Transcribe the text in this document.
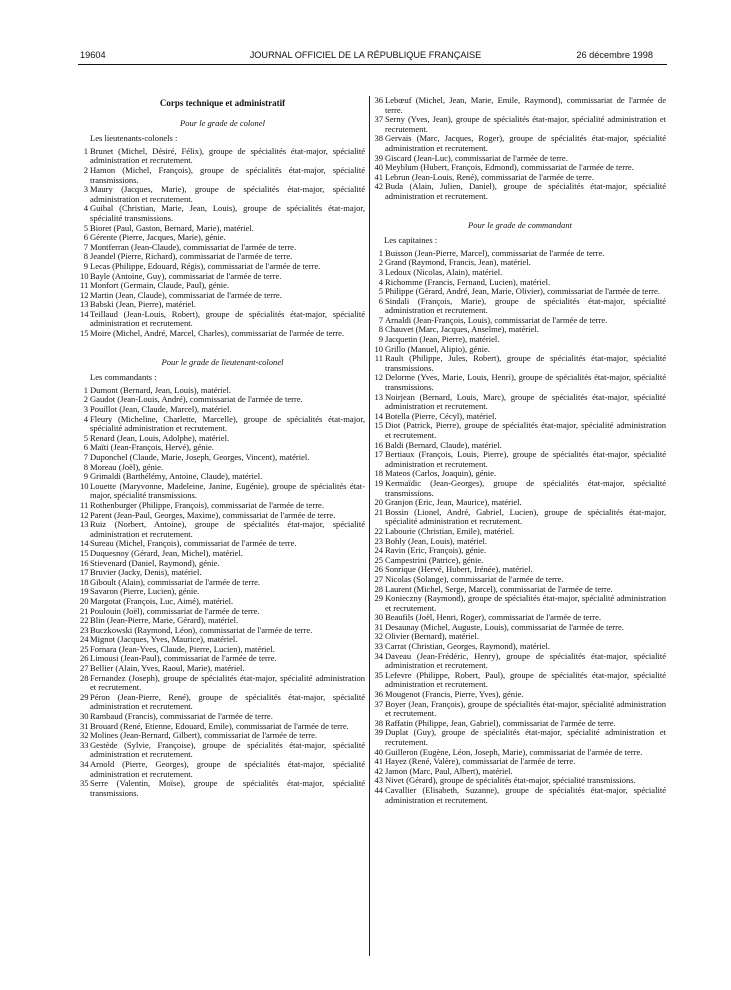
19604	JOURNAL OFFICIEL DE LA RÉPUBLIQUE FRANÇAISE	26 décembre 1998
Corps technique et administratif
Pour le grade de colonel
Les lieutenants-colonels :
1 Brunet (Michel, Désiré, Félix), groupe de spécialités état-major, spécialité administration et recrutement.
2 Hamon (Michel, François), groupe de spécialités état-major, spécialité transmissions.
3 Maury (Jacques, Marie), groupe de spécialités état-major, spécialité administration et recrutement.
4 Guibal (Christian, Marie, Jean, Louis), groupe de spécialités état-major, spécialité transmissions.
5 Bioret (Paul, Gaston, Bernard, Marie), matériel.
6 Gérente (Pierre, Jacques, Marie), génie.
7 Montferran (Jean-Claude), commissariat de l'armée de terre.
8 Jeandel (Pierre, Richard), commissariat de l'armée de terre.
9 Lecas (Philippe, Edouard, Régis), commissariat de l'armée de terre.
10 Bayle (Antoine, Guy), commissariat de l'armée de terre.
11 Monfort (Germain, Claude, Paul), génie.
12 Martin (Jean, Claude), commissariat de l'armée de terre.
13 Babski (Jean, Pierre), matériel.
14 Teillaud (Jean-Louis, Robert), groupe de spécialités état-major, spécialité administration et recrutement.
15 Moire (Michel, André, Marcel, Charles), commissariat de l'armée de terre.
Pour le grade de lieutenant-colonel
Les commandants :
1 Dumont (Bernard, Jean, Louis), matériel.
2 Gaudot (Jean-Louis, André), commissariat de l'armée de terre.
3 Pouillot (Jean, Claude, Marcel), matériel.
4 Fleury (Micheline, Charlette, Marcelle), groupe de spécialités état-major, spécialité administration et recrutement.
5 Renard (Jean, Louis, Adolphe), matériel.
6 Maïti (Jean-François, Hervé), génie.
7 Duponchel (Claude, Marie, Joseph, Georges, Vincent), matériel.
8 Moreau (Joël), génie.
9 Grimaldi (Barthélémy, Antoine, Claude), matériel.
10 Louette (Maryvonne, Madeleine, Janine, Eugénie), groupe de spécialités état-major, spécialité transmissions.
11 Rothenburger (Philippe, François), commissariat de l'armée de terre.
12 Parent (Jean-Paul, Georges, Maxime), commissariat de l'armée de terre.
13 Ruiz (Norbert, Antoine), groupe de spécialités état-major, spécialité administration et recrutement.
14 Sureau (Michel, François), commissariat de l'armée de terre.
15 Duquesnoy (Gérard, Jean, Michel), matériel.
16 Stievenard (Daniel, Raymond), génie.
17 Bruvier (Jacky, Denis), matériel.
18 Giboult (Alain), commissariat de l'armée de terre.
19 Savaron (Pierre, Lucien), génie.
20 Margotat (François, Luc, Aimé), matériel.
21 Poulouin (Joël), commissariat de l'armée de terre.
22 Blin (Jean-Pierre, Marie, Gérard), matériel.
23 Buczkowski (Raymond, Léon), commissariat de l'armée de terre.
24 Mignot (Jacques, Yves, Maurice), matériel.
25 Fornara (Jean-Yves, Claude, Pierre, Lucien), matériel.
26 Limousi (Jean-Paul), commissariat de l'armée de terre.
27 Bellier (Alain, Yves, Raoul, Marie), matériel.
28 Fernandez (Joseph), groupe de spécialités état-major, spécialité administration et recrutement.
29 Péron (Jean-Pierre, René), groupe de spécialités état-major, spécialité administration et recrutement.
30 Rambaud (Francis), commissariat de l'armée de terre.
31 Brouard (René, Etienne, Edouard, Emile), commissariat de l'armée de terre.
32 Molines (Jean-Bernard, Gilbert), commissariat de l'armée de terre.
33 Gestède (Sylvie, Françoise), groupe de spécialités état-major, spécialité administration et recrutement.
34 Arnold (Pierre, Georges), groupe de spécialités état-major, spécialité administration et recrutement.
35 Serre (Valentin, Moïse), groupe de spécialités état-major, spécialité transmissions.
36 Lebœuf (Michel, Jean, Marie, Emile, Raymond), commissariat de l'armée de terre.
37 Serny (Yves, Jean), groupe de spécialités état-major, spécialité administration et recrutement.
38 Gervais (Marc, Jacques, Roger), groupe de spécialités état-major, spécialité administration et recrutement.
39 Giscard (Jean-Luc), commissariat de l'armée de terre.
40 Meyblum (Hubert, François, Edmond), commissariat de l'armée de terre.
41 Lebrun (Jean-Louis, René), commissariat de l'armée de terre.
42 Buda (Alain, Julien, Daniel), groupe de spécialités état-major, spécialité administration et recrutement.
Pour le grade de commandant
Les capitaines :
1 Buisson (Jean-Pierre, Marcel), commissariat de l'armée de terre.
2 Grand (Raymond, Francis, Jean), matériel.
3 Ledoux (Nicolas, Alain), matériel.
4 Richomme (Francis, Fernand, Lucien), matériel.
5 Philippe (Gérard, André, Jean, Marie, Olivier), commissariat de l'armée de terre.
6 Sindali (François, Marie), groupe de spécialités état-major, spécialité administration et recrutement.
7 Arnaldi (Jean-François, Louis), commissariat de l'armée de terre.
8 Chauvet (Marc, Jacques, Anselme), matériel.
9 Jacquetin (Jean, Pierre), matériel.
10 Grillo (Manuel, Alipio), génie.
11 Rault (Philippe, Jules, Robert), groupe de spécialités état-major, spécialité transmissions.
12 Delorme (Yves, Marie, Louis, Henri), groupe de spécialités état-major, spécialité transmissions.
13 Noirjean (Bernard, Louis, Marc), groupe de spécialités état-major, spécialité administration et recrutement.
14 Botella (Pierre, Cécyl), matériel.
15 Diot (Patrick, Pierre), groupe de spécialités état-major, spécialité administration et recrutement.
16 Baldi (Bernard, Claude), matériel.
17 Bertiaux (François, Louis, Pierre), groupe de spécialités état-major, spécialité administration et recrutement.
18 Mateos (Carlos, Joaquin), génie.
19 Kermaïdic (Jean-Georges), groupe de spécialités état-major, spécialité transmissions.
20 Granjon (Eric, Jean, Maurice), matériel.
21 Bossin (Lionel, André, Gabriel, Lucien), groupe de spécialités état-major, spécialité administration et recrutement.
22 Labourie (Christian, Emile), matériel.
23 Bohly (Jean, Louis), matériel.
24 Ravin (Eric, François), génie.
25 Campestrini (Patrice), génie.
26 Sonrique (Hervé, Hubert, Irénée), matériel.
27 Nicolas (Solange), commissariat de l'armée de terre.
28 Laurent (Michel, Serge, Marcel), commissariat de l'armée de terre.
29 Konieczny (Raymond), groupe de spécialités état-major, spécialité administration et recrutement.
30 Beaufils (Joël, Henri, Roger), commissariat de l'armée de terre.
31 Desaunay (Michel, Auguste, Louis), commissariat de l'armée de terre.
32 Olivier (Bernard), matériel.
33 Carrat (Christian, Georges, Raymond), matériel.
34 Daveau (Jean-Frédéric, Henry), groupe de spécialités état-major, spécialité administration et recrutement.
35 Lefevre (Philippe, Robert, Paul), groupe de spécialités état-major, spécialité administration et recrutement.
36 Mougenot (Francis, Pierre, Yves), génie.
37 Boyer (Jean, François), groupe de spécialités état-major, spécialité administration et recrutement.
38 Raffatin (Philippe, Jean, Gabriel), commissariat de l'armée de terre.
39 Duplat (Guy), groupe de spécialités état-major, spécialité administration et recrutement.
40 Guilleron (Eugène, Léon, Joseph, Marie), commissariat de l'armée de terre.
41 Hayez (René, Valère), commissariat de l'armée de terre.
42 Jamon (Marc, Paul, Albert), matériel.
43 Nivet (Gérard), groupe de spécialités état-major, spécialité transmissions.
44 Cavallier (Elisabeth, Suzanne), groupe de spécialités état-major, spécialité administration et recrutement.
